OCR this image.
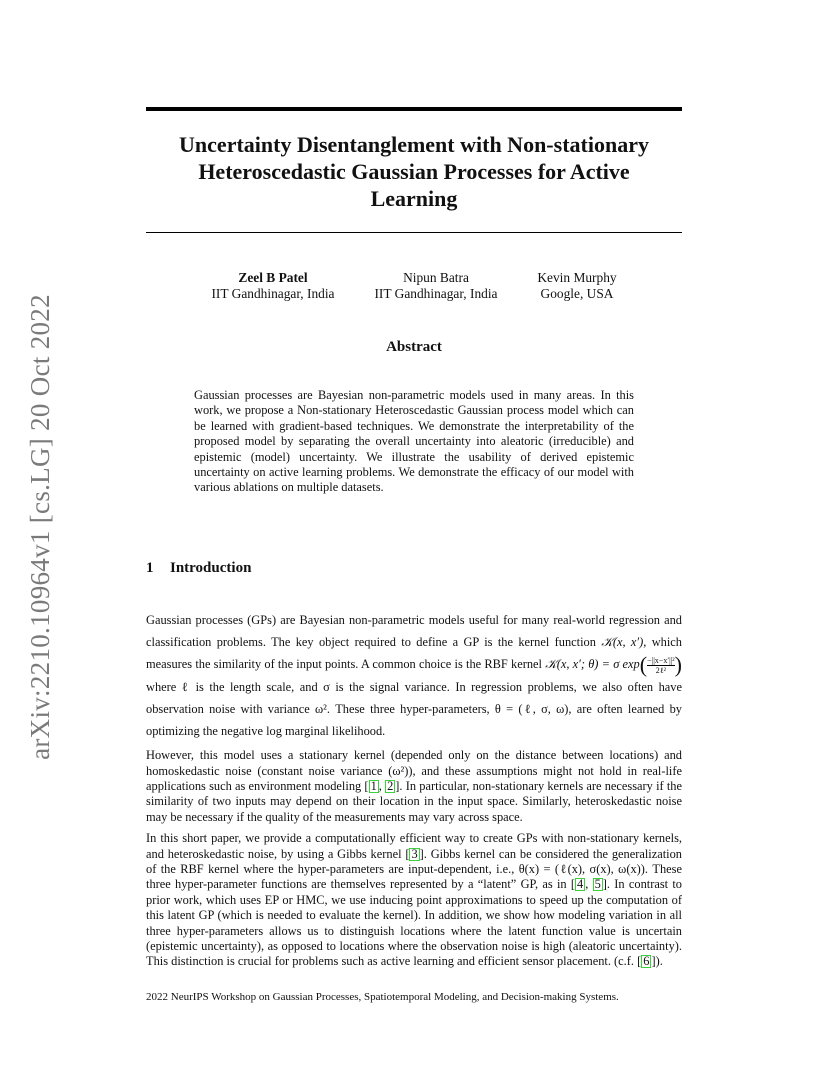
arXiv:2210.10964v1 [cs.LG] 20 Oct 2022
Uncertainty Disentanglement with Non-stationary
Heteroscedastic Gaussian Processes for Active
Learning
Zeel B Patel
IIT Gandhinagar, India
Nipun Batra
IIT Gandhinagar, India
Kevin Murphy
Google, USA
Abstract
Gaussian processes are Bayesian non-parametric models used in many areas. In this work, we propose a Non-stationary Heteroscedastic Gaussian process model which can be learned with gradient-based techniques. We demonstrate the interpretability of the proposed model by separating the overall uncertainty into aleatoric (irreducible) and epistemic (model) uncertainty. We illustrate the usability of derived epistemic uncertainty on active learning problems. We demonstrate the efficacy of our model with various ablations on multiple datasets.
1 Introduction

Gaussian processes (GPs) are Bayesian non-parametric models useful for many real-world regression and classification problems. The key object required to define a GP is the kernel function 𝒦(x, x′), which measures the similarity of the input points. A common choice is the RBF kernel 𝒦(x, x′; θ) = σ $\exp( \frac{\text{−||x−x′||²}}{\text{2ℓ²}}$ ) where ℓ is the length scale, and σ is the signal variance. In regression problems, we also often have observation noise with variance ω². These three hyper-parameters, θ = (ℓ, σ, ω), are often learned by optimizing the negative log marginal likelihood.

However, this model uses a stationary kernel (depended only on the distance between locations) and homoskedastic noise (constant noise variance (ω²)), and these assumptions might not hold in real-life applications such as environment modeling [ 1 , 2 ]. In particular, non-stationary kernels are necessary if the similarity of two inputs may depend on their location in the input space. Similarly, heteroskedastic noise may be necessary if the quality of the measurements may vary across space.

In this short paper, we provide a computationally efficient way to create GPs with non-stationary kernels, and heteroskedastic noise, by using a Gibbs kernel [ 3 ]. Gibbs kernel can be considered the generalization of the RBF kernel where the hyper-parameters are input-dependent, i.e., θ(x) = (ℓ(x), σ(x), ω(x)). These three hyper-parameter functions are themselves represented by a “latent” GP, as in [ 4 , 5 ]. In contrast to prior work, which uses EP or HMC, we use inducing point approximations to speed up the computation of this latent GP (which is needed to evaluate the kernel). In addition, we show how modeling variation in all three hyper-parameters allows us to distinguish locations where the latent function value is uncertain (epistemic uncertainty), as opposed to locations where the observation noise is high (aleatoric uncertainty). This distinction is crucial for problems such as active learning and efficient sensor placement. (c.f. [ 6 ]).

2022 NeurIPS Workshop on Gaussian Processes, Spatiotemporal Modeling, and Decision-making Systems.
